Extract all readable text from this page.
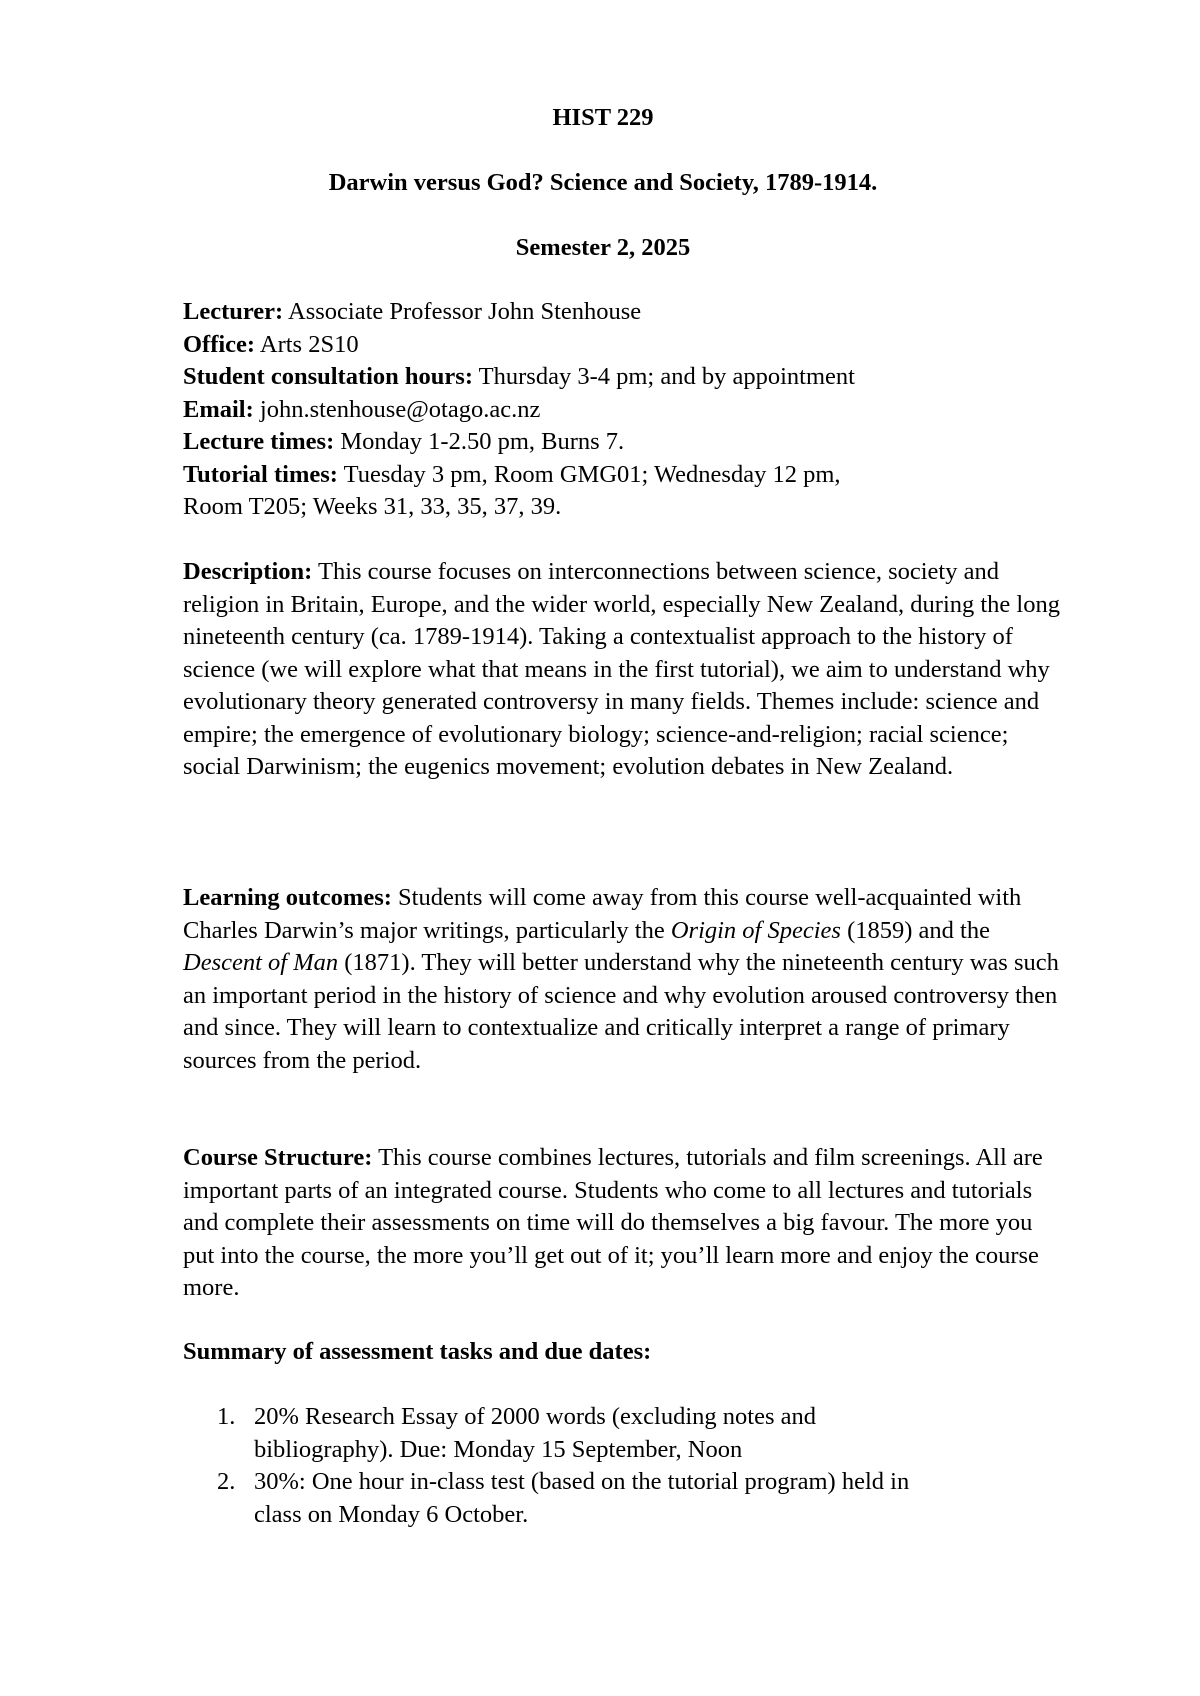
HIST 229
Darwin versus God? Science and Society, 1789-1914.
Semester 2, 2025
Lecturer: Associate Professor John Stenhouse
Office: Arts 2S10
Student consultation hours: Thursday 3-4 pm; and by appointment
Email: john.stenhouse@otago.ac.nz
Lecture times: Monday 1-2.50 pm, Burns 7.
Tutorial times: Tuesday 3 pm, Room GMG01; Wednesday 12 pm,
Room T205; Weeks 31, 33, 35, 37, 39.

Description: This course focuses on interconnections between science, society and religion in Britain, Europe, and the wider world, especially New Zealand, during the long nineteenth century (ca. 1789-1914). Taking a contextualist approach to the history of science (we will explore what that means in the first tutorial), we aim to understand why evolutionary theory generated controversy in many fields. Themes include: science and empire; the emergence of evolutionary biology; science-and-religion; racial science; social Darwinism; the eugenics movement; evolution debates in New Zealand.

Learning outcomes: Students will come away from this course well-acquainted with Charles Darwin’s major writings, particularly the Origin of Species (1859) and the Descent of Man (1871). They will better understand why the nineteenth century was such an important period in the history of science and why evolution aroused controversy then and since. They will learn to contextualize and critically interpret a range of primary sources from the period.

Course Structure: This course combines lectures, tutorials and film screenings. All are important parts of an integrated course. Students who come to all lectures and tutorials and complete their assessments on time will do themselves a big favour. The more you put into the course, the more you’ll get out of it; you’ll learn more and enjoy the course more.

Summary of assessment tasks and due dates:
1. 20% Research Essay of 2000 words (excluding notes and
bibliography). Due: Monday 15 September, Noon
2. 30%: One hour in-class test (based on the tutorial program) held in
class on Monday 6 October.
